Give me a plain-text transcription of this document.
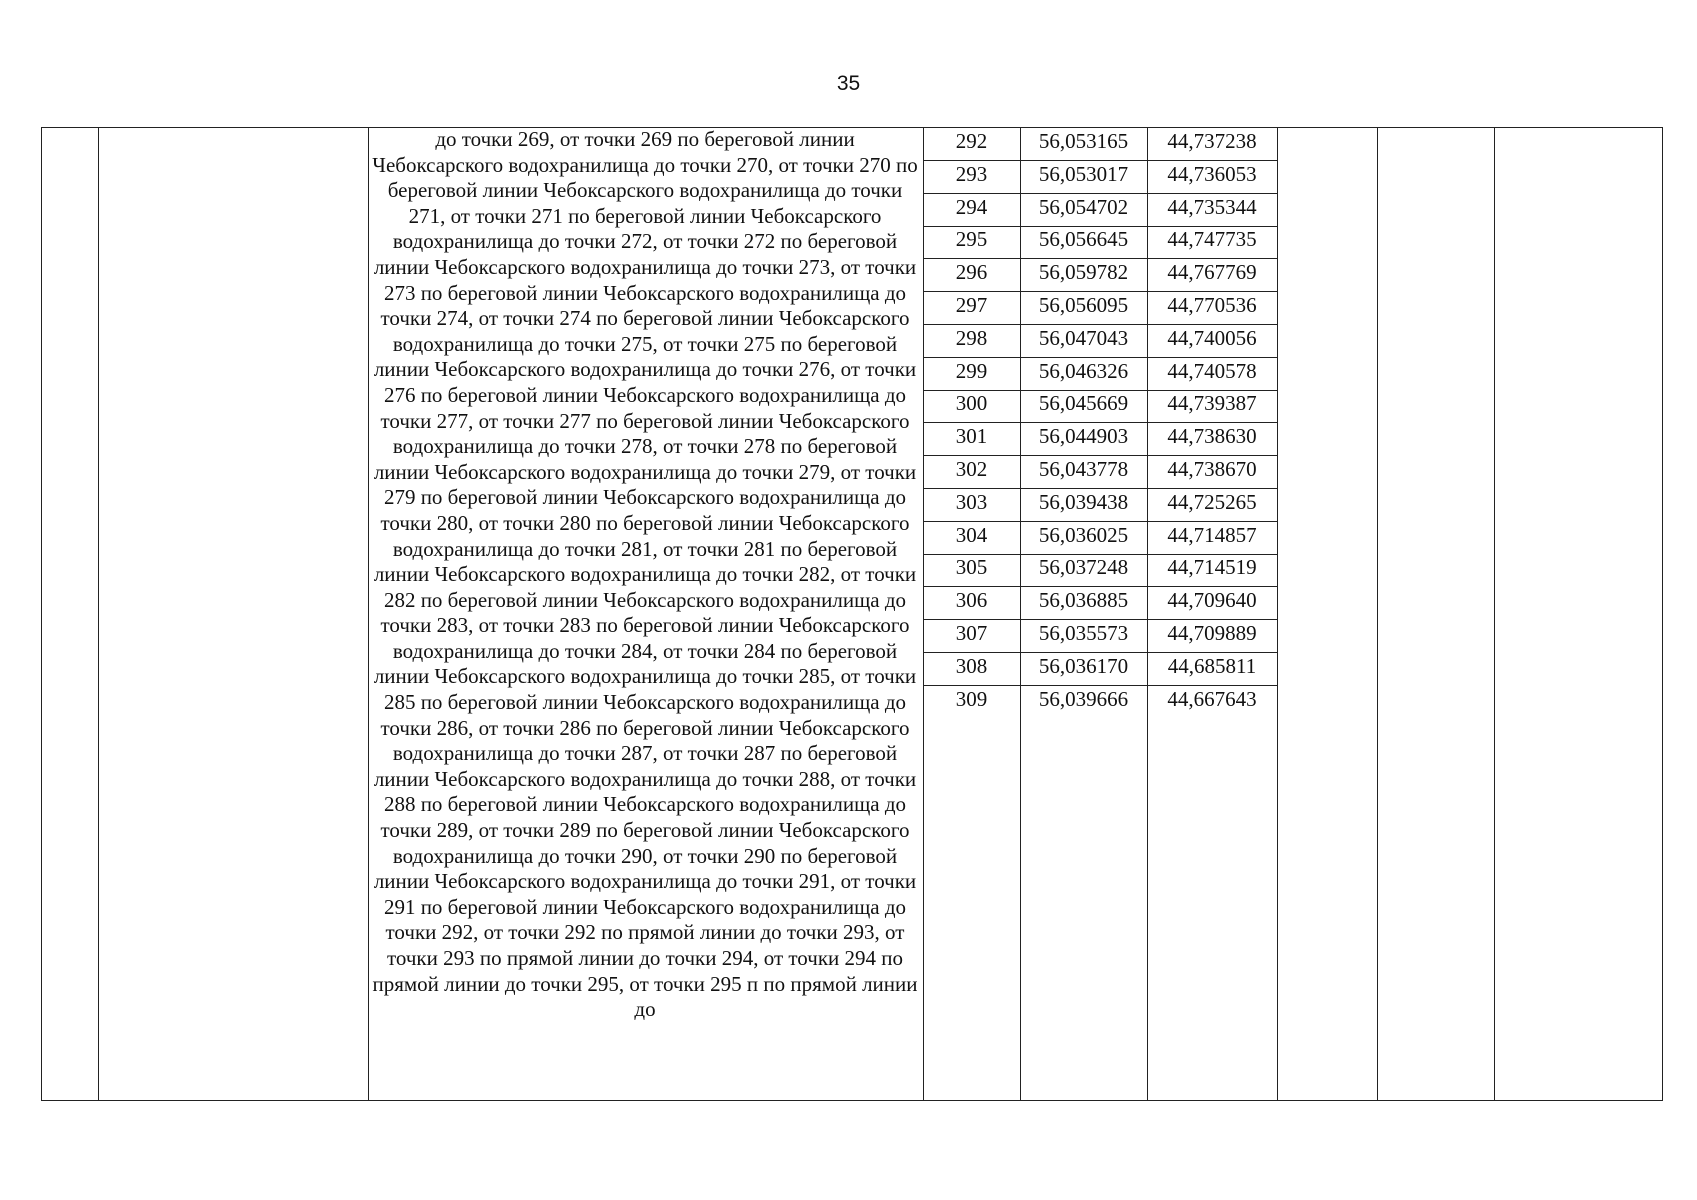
35

до точки 269, от точки 269 по береговой линии Чебоксарского водохранилища до точки 270, от точки 270 по береговой линии Чебоксарского водохранилища до точки 271, от точки 271 по береговой линии Чебоксарского водохранилища до точки 272, от точки 272 по береговой линии Чебоксарского водохранилища до точки 273, от точки 273 по береговой линии Чебоксарского водохранилища до точки 274, от точки 274 по береговой линии Чебоксарского водохранилища до точки 275, от точки 275 по береговой линии Чебоксарского водохранилища до точки 276, от точки 276 по береговой линии Чебоксарского водохранилища до точки 277, от точки 277 по береговой линии Чебоксарского водохранилища до точки 278, от точки 278 по береговой линии Чебоксарского водохранилища до точки 279, от точки 279 по береговой линии Чебоксарского водохранилища до точки 280, от точки 280 по береговой линии Чебоксарского водохранилища до точки 281, от точки 281 по береговой линии Чебоксарского водохранилища до точки 282, от точки 282 по береговой линии Чебоксарского водохранилища до точки 283, от точки 283 по береговой линии Чебоксарского водохранилища до точки 284, от точки 284 по береговой линии Чебоксарского водохранилища до точки 285, от точки 285 по береговой линии Чебоксарского водохранилища до точки 286, от точки 286 по береговой линии Чебоксарского водохранилища до точки 287, от точки 287 по береговой линии Чебоксарского водохранилища до точки 288, от точки 288 по береговой линии Чебоксарского водохранилища до точки 289, от точки 289 по береговой линии Чебоксарского водохранилища до точки 290, от точки 290 по береговой линии Чебоксарского водохранилища до точки 291, от точки 291 по береговой линии Чебоксарского водохранилища до точки 292, от точки 292 по прямой линии до точки 293, от точки 293 по прямой линии до точки 294, от точки 294 по прямой линии до точки 295, от точки 295 п по прямой линии до

292	56,053165	44,737238
293	56,053017	44,736053
294	56,054702	44,735344
295	56,056645	44,747735
296	56,059782	44,767769
297	56,056095	44,770536
298	56,047043	44,740056
299	56,046326	44,740578
300	56,045669	44,739387
301	56,044903	44,738630
302	56,043778	44,738670
303	56,039438	44,725265
304	56,036025	44,714857
305	56,037248	44,714519
306	56,036885	44,709640
307	56,035573	44,709889
308	56,036170	44,685811
309	56,039666	44,667643
